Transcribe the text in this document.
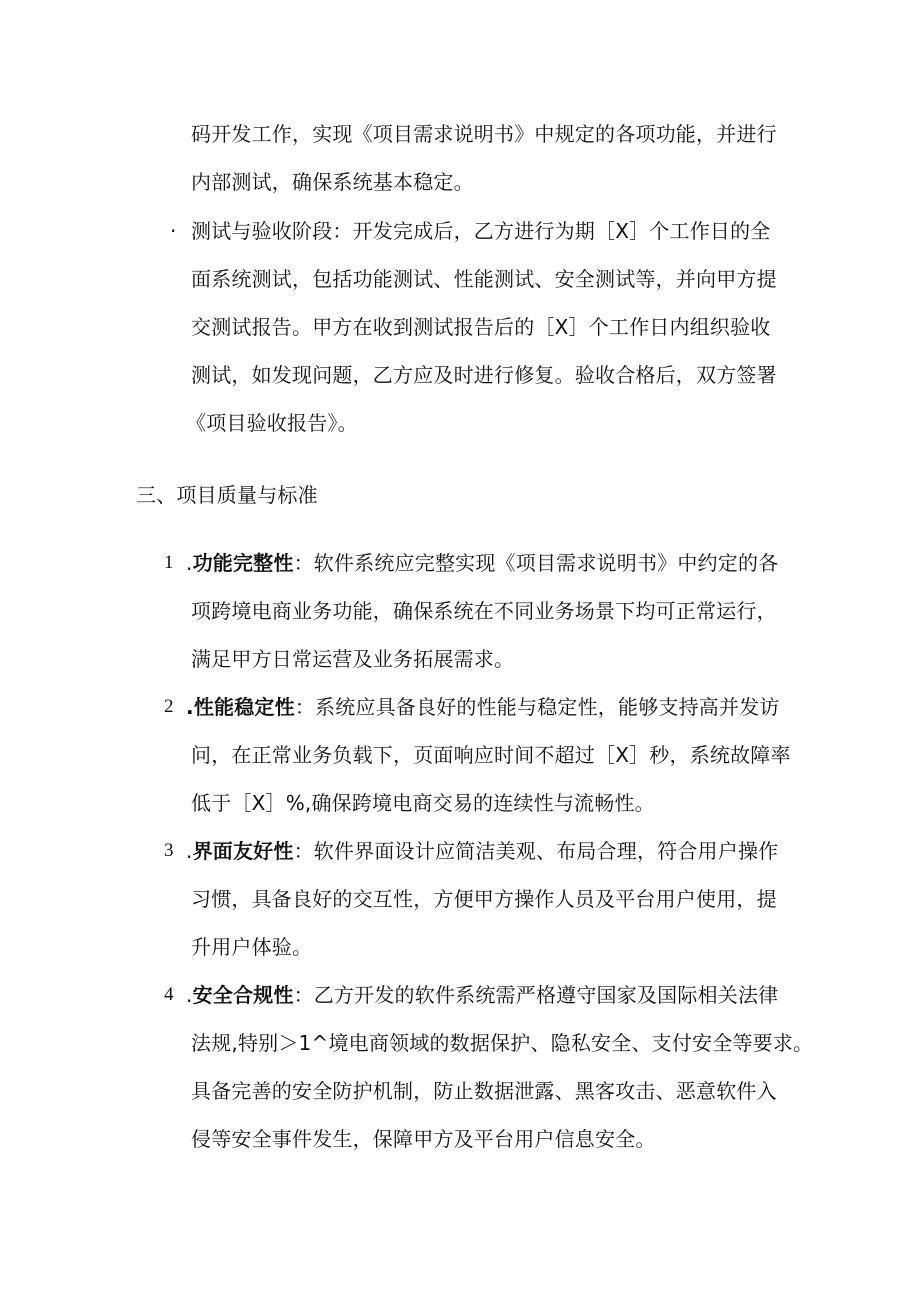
码开发工作，实现《项目需求说明书》中规定的各项功能，并进行
内部测试，确保系统基本稳定。
· 测试与验收阶段：开发完成后，乙方进行为期［X］个工作日的全
面系统测试，包括功能测试、性能测试、安全测试等，并向甲方提
交测试报告。甲方在收到测试报告后的［X］个工作日内组织验收
测试，如发现问题，乙方应及时进行修复。验收合格后，双方签署
《项目验收报告》。
三、项目质量与标准
1 .功能完整性：软件系统应完整实现《项目需求说明书》中约定的各
项跨境电商业务功能，确保系统在不同业务场景下均可正常运行，
满足甲方日常运营及业务拓展需求。
2 .性能稳定性：系统应具备良好的性能与稳定性，能够支持高并发访
问，在正常业务负载下，页面响应时间不超过［X］秒，系统故障率
低于［X］%,确保跨境电商交易的连续性与流畅性。
3 .界面友好性：软件界面设计应简洁美观、布局合理，符合用户操作
习惯，具备良好的交互性，方便甲方操作人员及平台用户使用，提
升用户体验。
4 .安全合规性：乙方开发的软件系统需严格遵守国家及国际相关法律
法规,特别＞1^境电商领域的数据保护、隐私安全、支付安全等要求。
具备完善的安全防护机制，防止数据泄露、黑客攻击、恶意软件入
侵等安全事件发生，保障甲方及平台用户信息安全。
